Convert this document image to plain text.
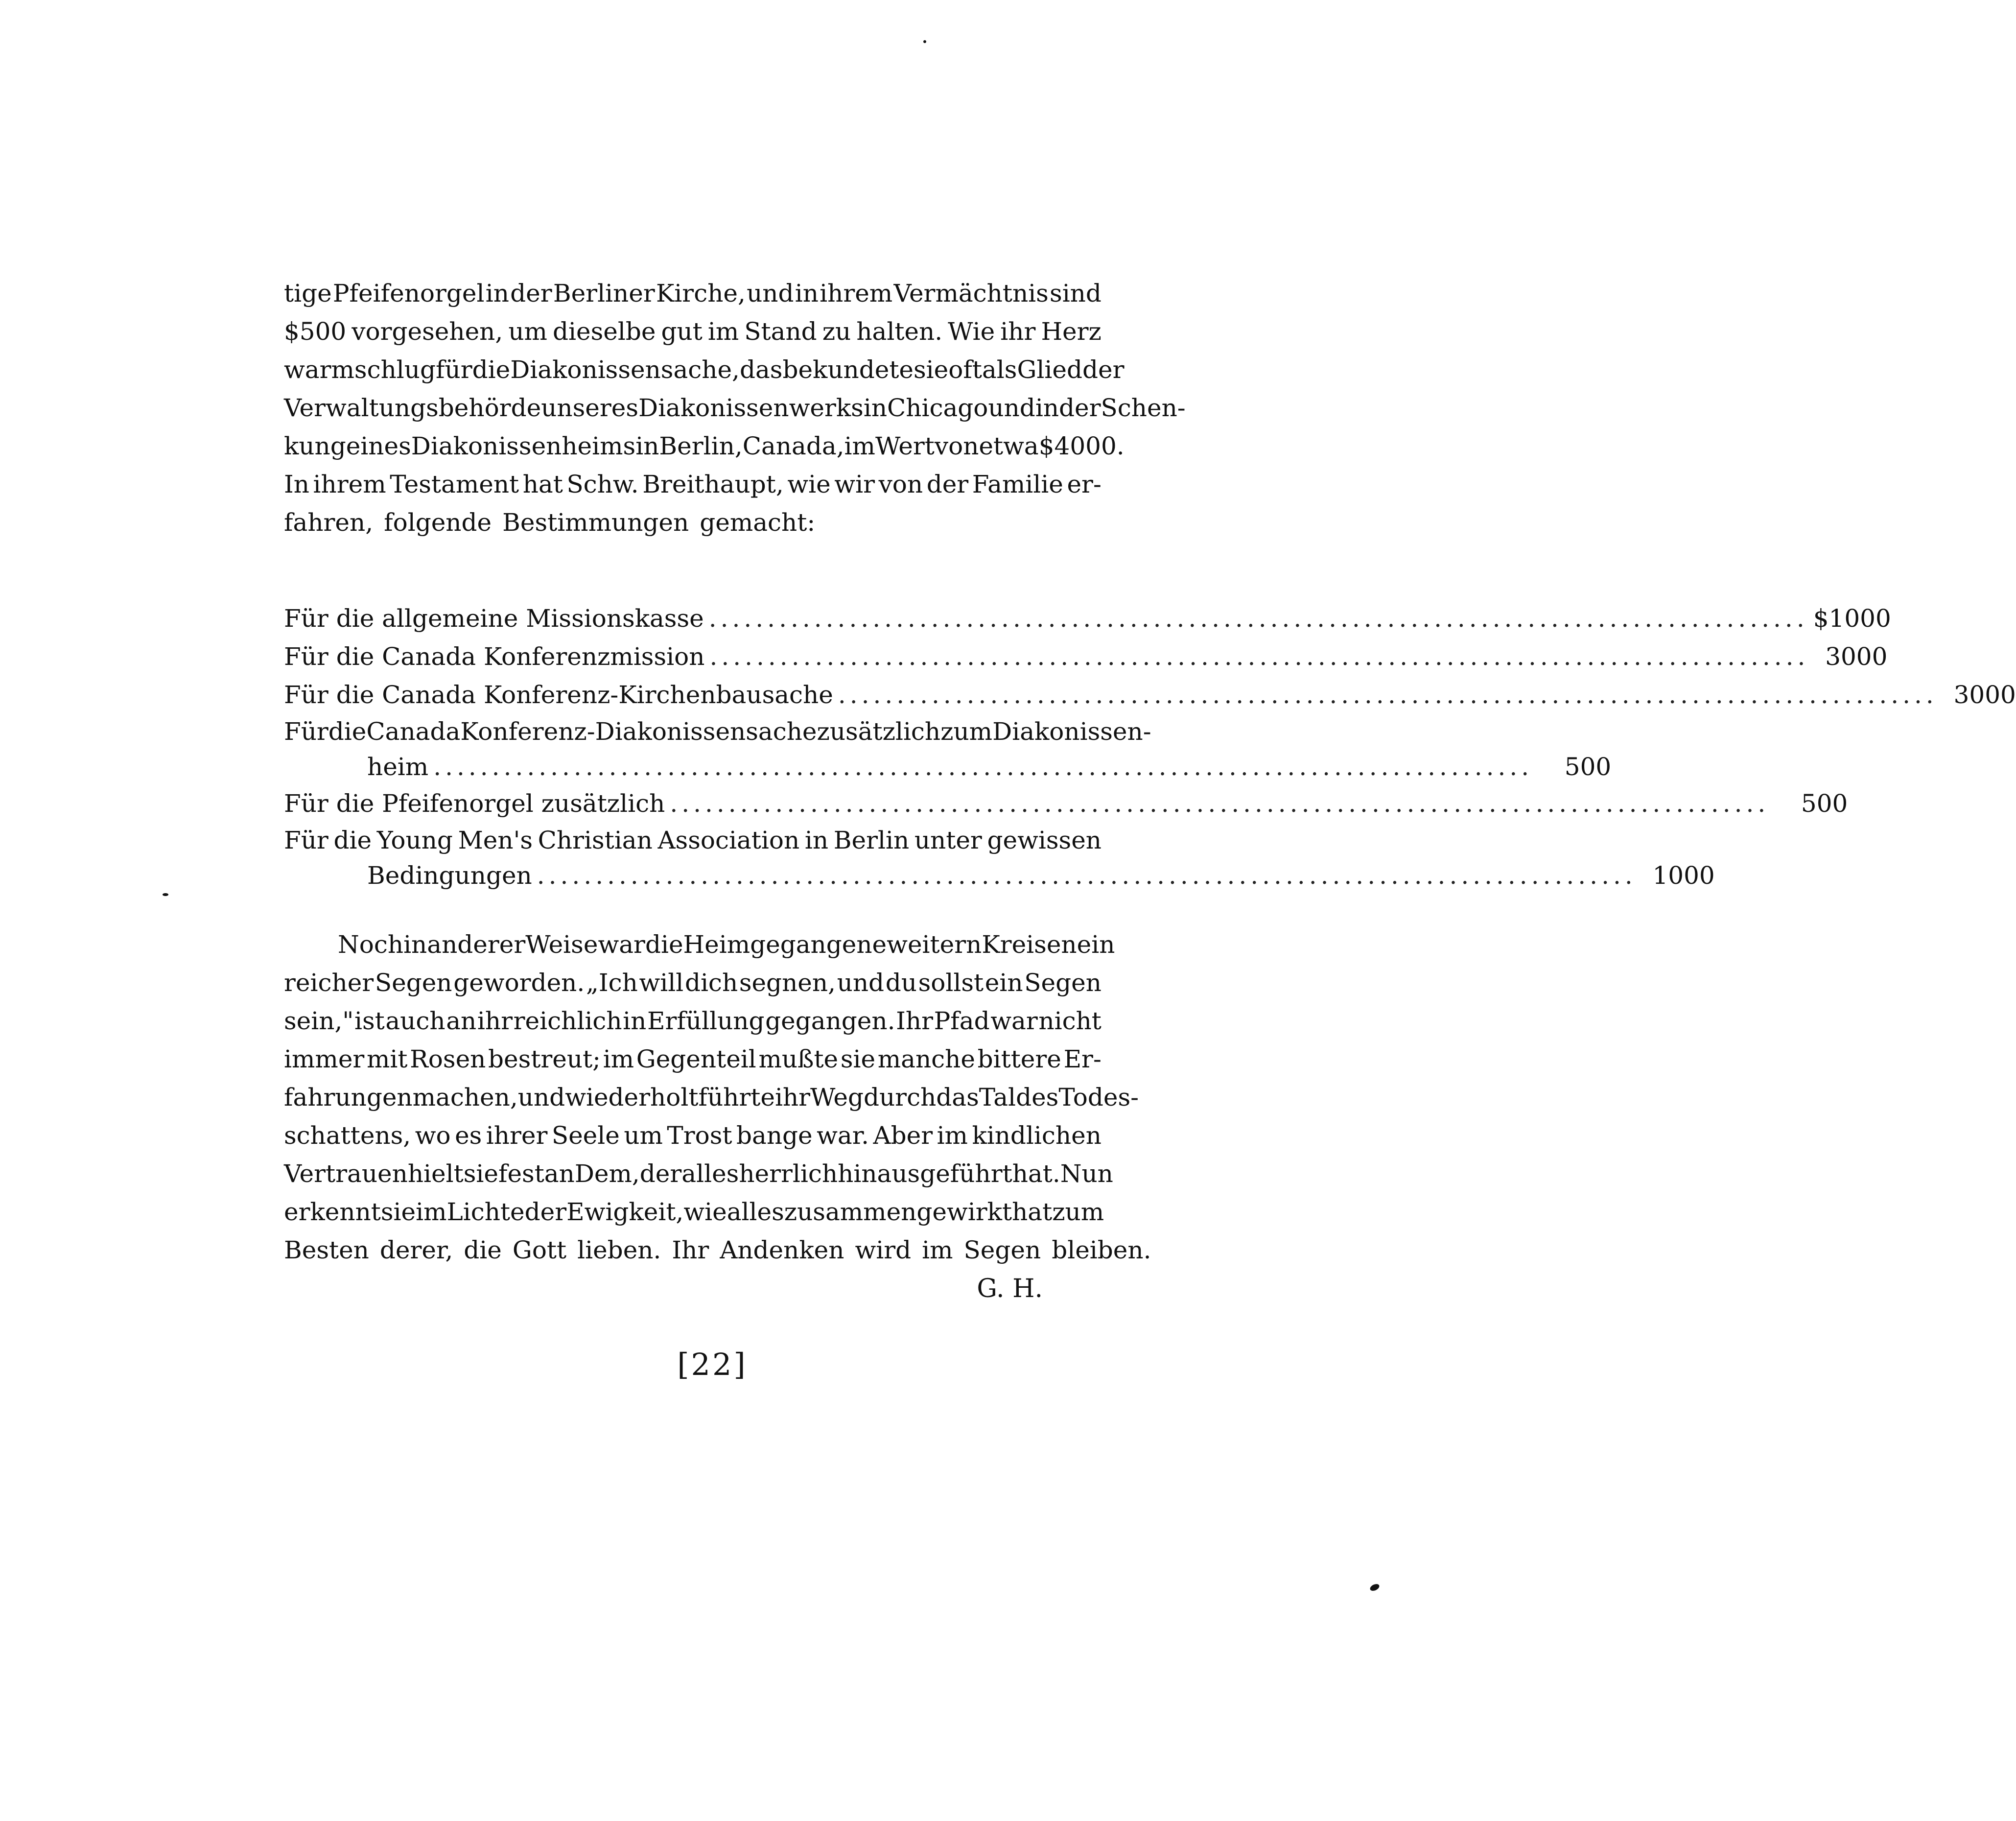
tige Pfeifenorgel in der Berliner Kirche, und in ihrem Vermächtnis sind
$500 vorgesehen, um dieselbe gut im Stand zu halten. Wie ihr Herz
warm schlug für die Diakonissensache, das bekundete sie oft als Glied der
Verwaltungsbehörde unseres Diakonissenwerks in Chicago und in der Schen-
kung eines Diakonissenheims in Berlin, Canada, im Wert von etwa $4000.
In ihrem Testament hat Schw. Breithaupt, wie wir von der Familie er-
fahren, folgende Bestimmungen gemacht:
Für die allgemeine Missionskasse .............................................................................................. $1000
Für die Canada Konferenzmission .............................................................................................. 3000
Für die Canada Konferenz-Kirchenbausache .............................................................................................. 3000
Für die Canada Konferenz-Diakonissensache zusätzlich zum Diakonissen-
heim ..............................................................................................	500
Für die Pfeifenorgel zusätzlich ..............................................................................................	500
Für die Young Men's Christian Association in Berlin unter gewissen
Bedingungen .............................................................................................. 1000
Noch in anderer Weise war die Heimgegangene weitern Kreisen ein
reicher Segen geworden. „Ich will dich segnen, und du sollst ein Segen
sein," ist auch an ihr reichlich in Erfüllung gegangen. Ihr Pfad war nicht
immer mit Rosen bestreut; im Gegenteil mußte sie manche bittere Er-
fahrungen machen, und wiederholt führte ihr Weg durch das Tal des Todes-
schattens, wo es ihrer Seele um Trost bange war. Aber im kindlichen
Vertrauen hielt sie fest an Dem, der alles herrlich hinausgeführt hat. Nun
erkennt sie im Lichte der Ewigkeit, wie alles zusammen gewirkt hat zum
Besten derer, die Gott lieben. Ihr Andenken wird im Segen bleiben.
G. H.
[22]
